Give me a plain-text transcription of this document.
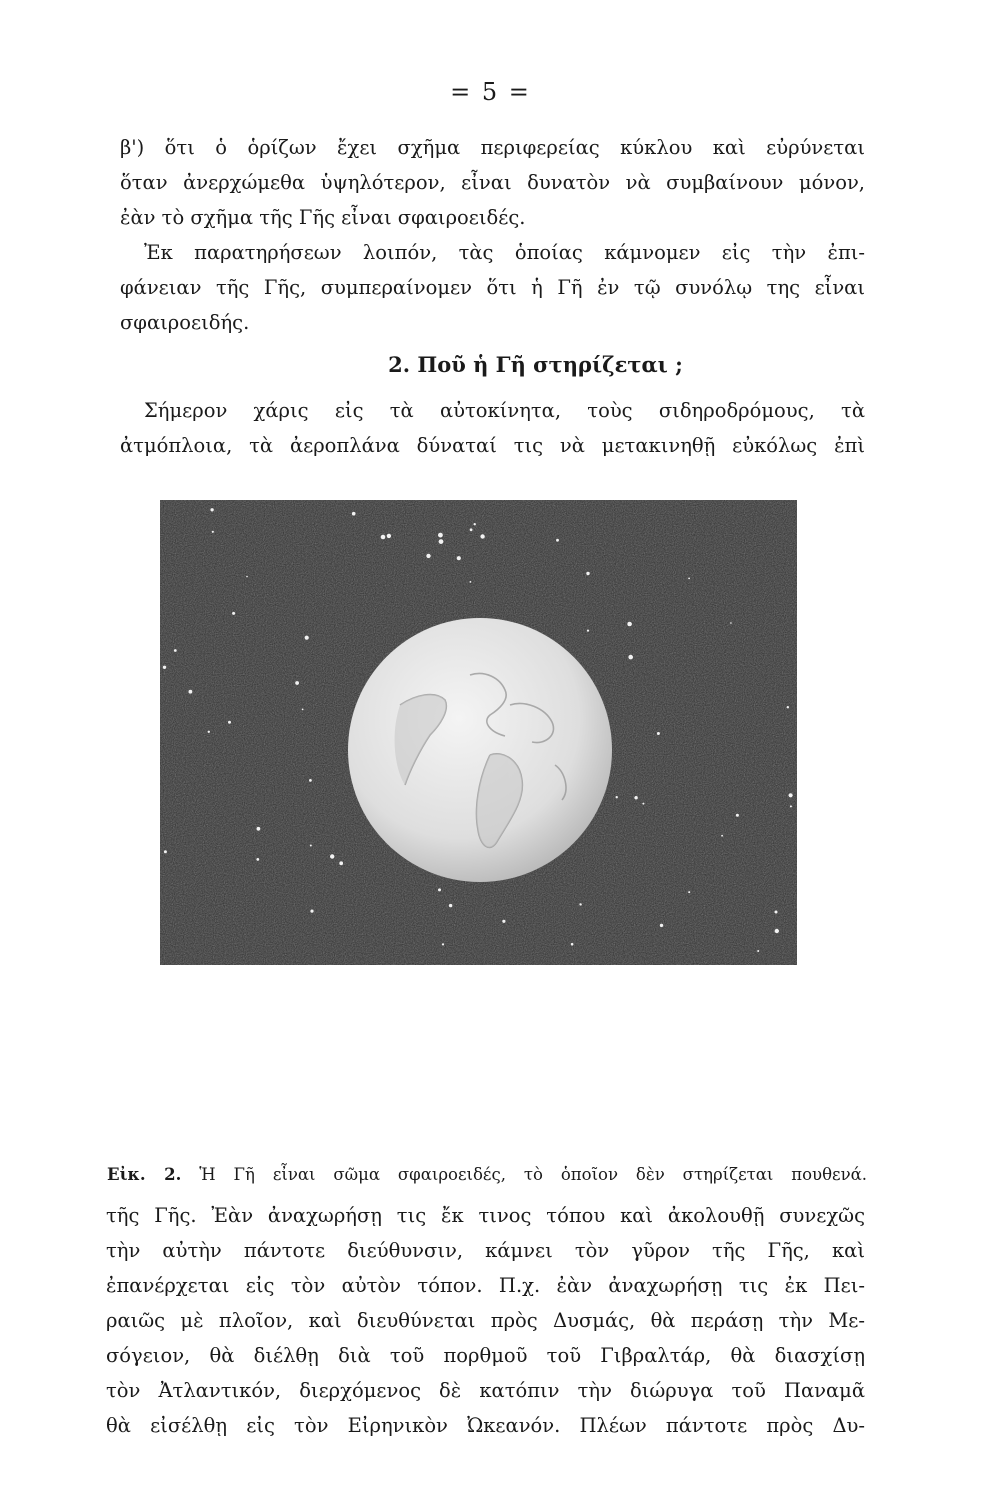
= 5 =
β') ὅτι ὁ ὁρίζων ἔχει σχῆμα περιφερείας κύκλου καὶ εὐρύνεται
ὅταν ἀνερχώμεθα ὑψηλότερον, εἶναι δυνατὸν νὰ συμβαίνουν μόνον,
ἐὰν τὸ σχῆμα τῆς Γῆς εἶναι σφαιροειδές.
Ἐκ παρατηρήσεων λοιπόν, τὰς ὁποίας κάμνομεν εἰς τὴν ἐπι-
φάνειαν τῆς Γῆς, συμπεραίνομεν ὅτι ἡ Γῆ ἐν τῷ συνόλῳ της εἶναι
σφαιροειδής.
2. Ποῦ ἡ Γῆ στηρίζεται ;
Σήμερον χάρις εἰς τὰ αὐτοκίνητα, τοὺς σιδηροδρόμους, τὰ
ἀτμόπλοια, τὰ ἀεροπλάνα δύναταί τις νὰ μετακινηθῇ εὐκόλως ἐπὶ
Εἰκ. 2. Ἡ Γῆ εἶναι σῶμα σφαιροειδές, τὸ ὁποῖον δὲν στηρίζεται πουθενά.
τῆς Γῆς. Ἐὰν ἀναχωρήσῃ τις ἔκ τινος τόπου καὶ ἀκολουθῇ συνεχῶς
τὴν αὐτὴν πάντοτε διεύθυνσιν, κάμνει τὸν γῦρον τῆς Γῆς, καὶ
ἐπανέρχεται εἰς τὸν αὐτὸν τόπον. Π.χ. ἐὰν ἀναχωρήσῃ τις ἐκ Πει-
ραιῶς μὲ πλοῖον, καὶ διευθύνεται πρὸς Δυσμάς, θὰ περάσῃ τὴν Με-
σόγειον, θὰ διέλθῃ διὰ τοῦ πορθμοῦ τοῦ Γιβραλτάρ, θὰ διασχίσῃ
τὸν Ἀτλαντικόν, διερχόμενος δὲ κατόπιν τὴν διώρυγα τοῦ Παναμᾶ
θὰ εἰσέλθῃ εἰς τὸν Εἰρηνικὸν Ὠκεανόν. Πλέων πάντοτε πρὸς Δυ-
